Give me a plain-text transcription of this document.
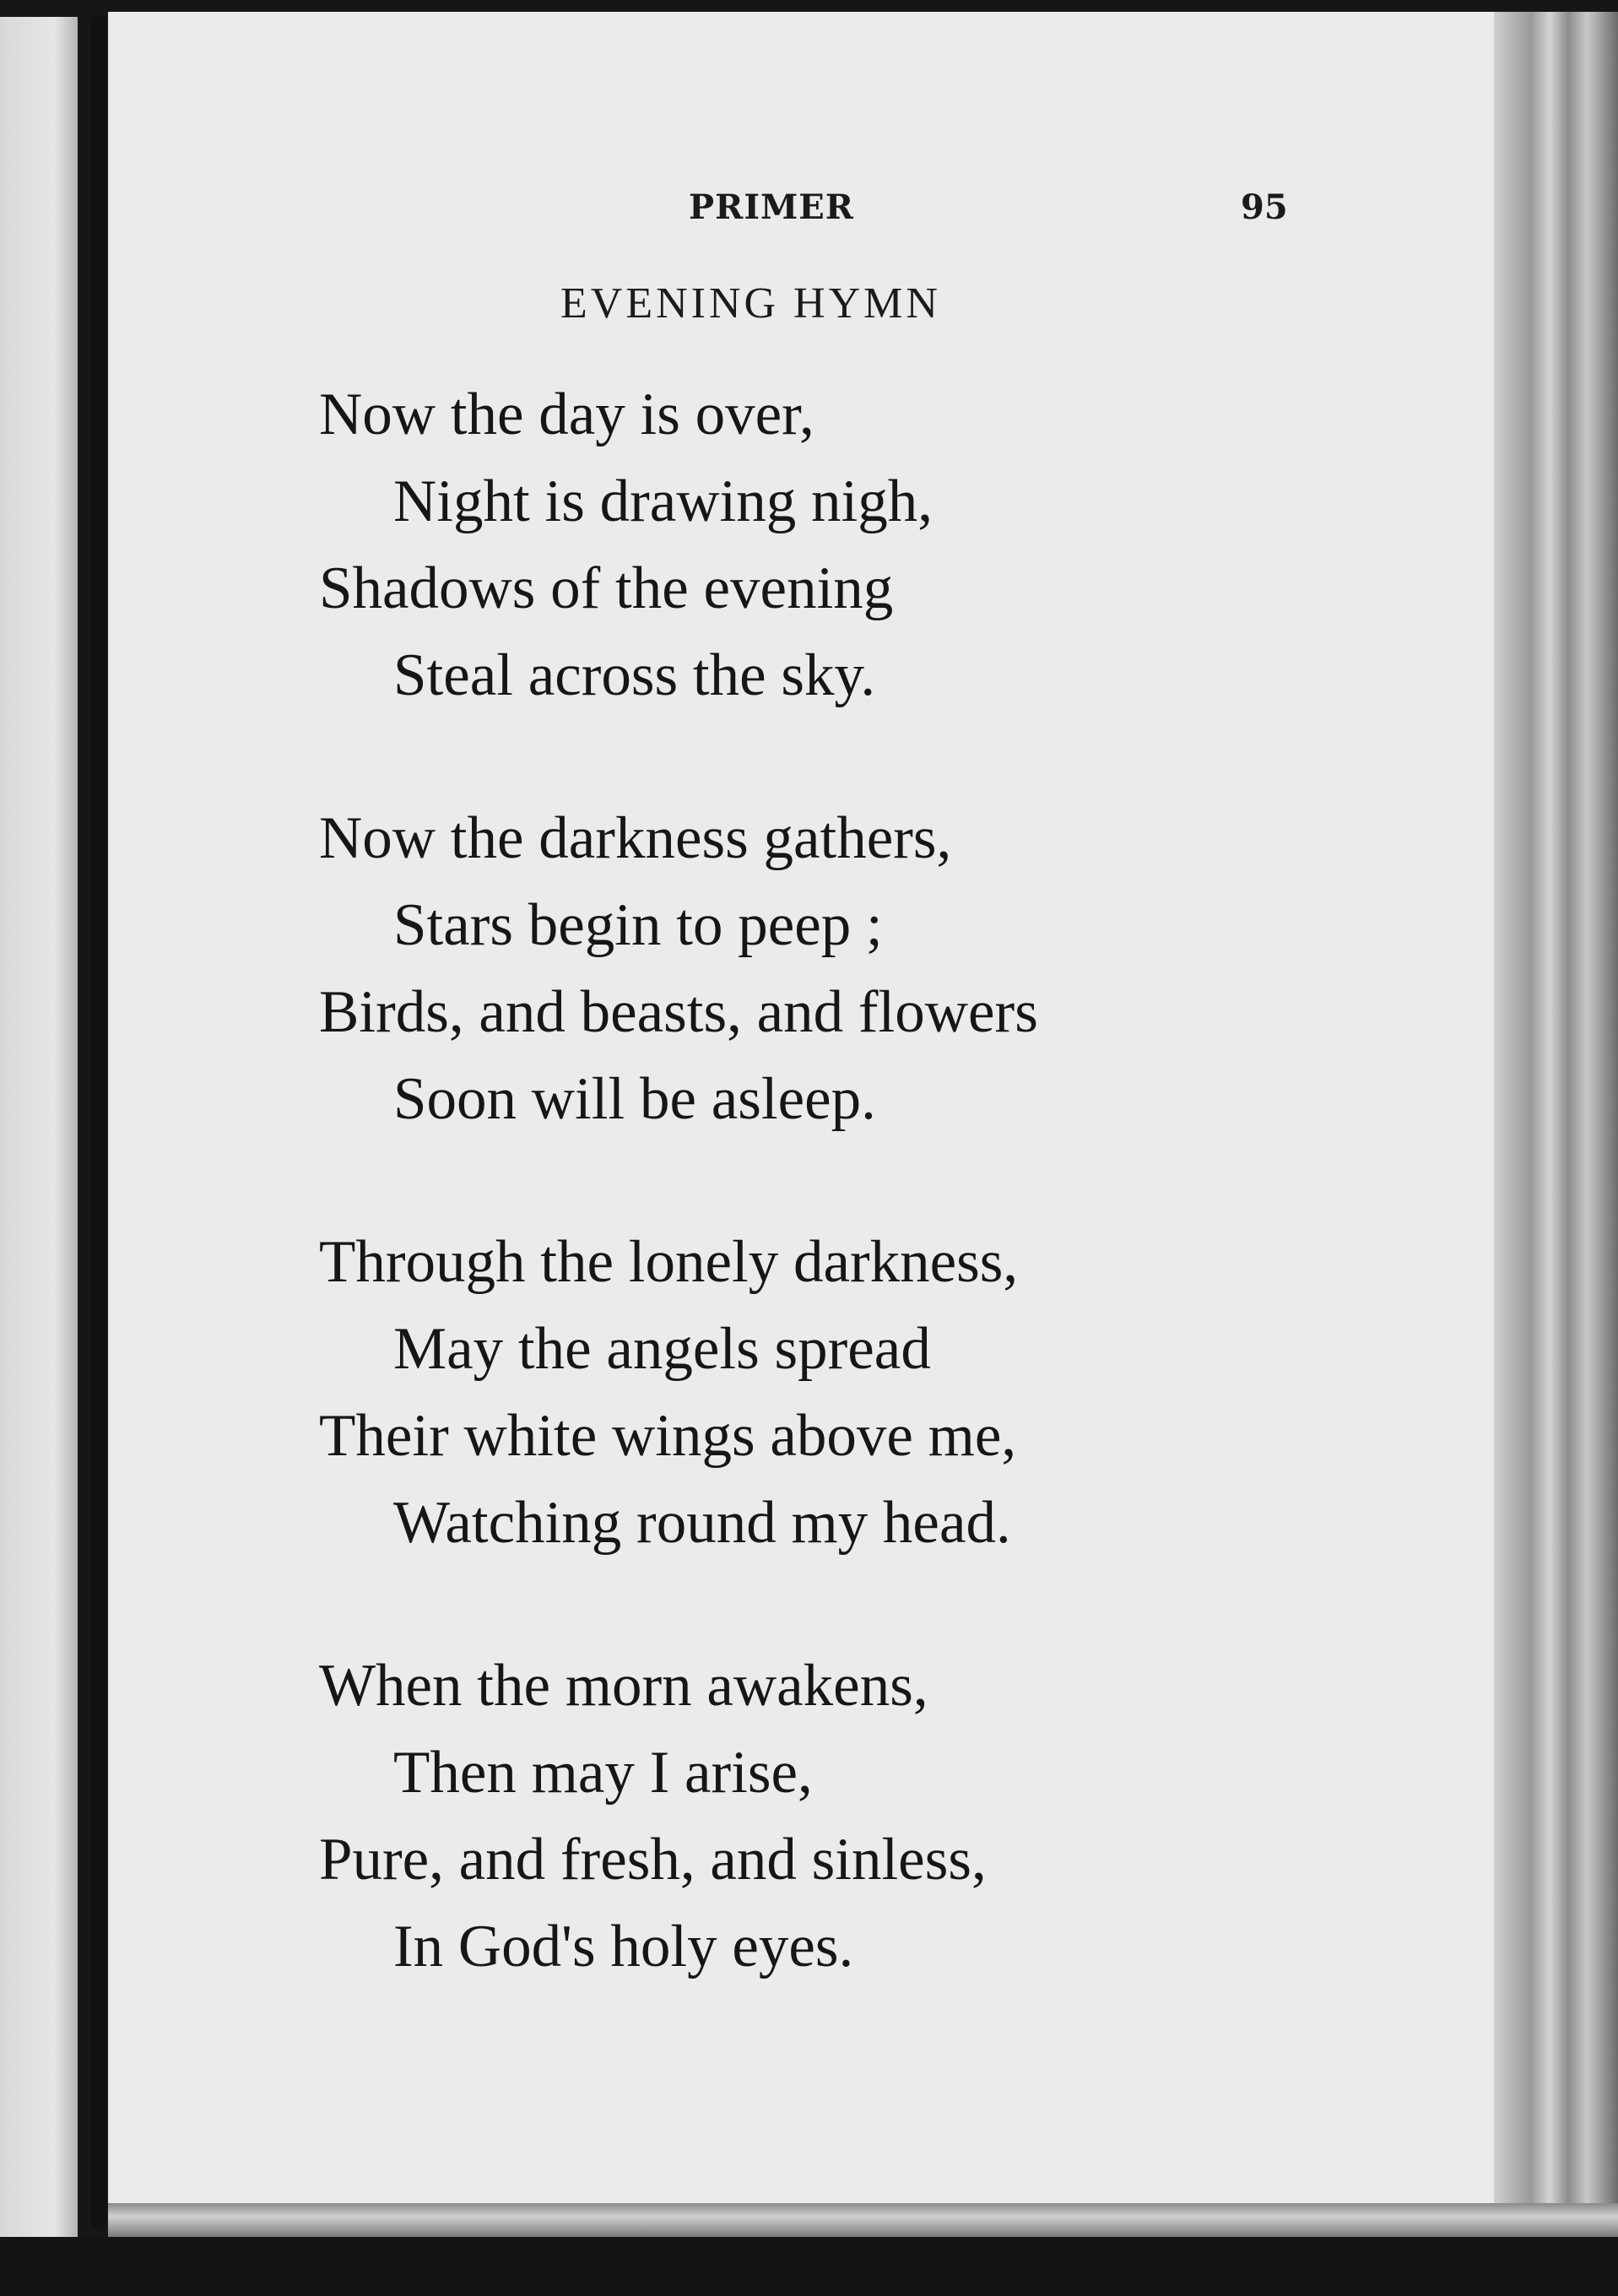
PRIMER	95
EVENING HYMN
Now the day is over,
Night is drawing nigh,
Shadows of the evening
Steal across the sky.
Now the darkness gathers,
Stars begin to peep ;
Birds, and beasts, and flowers
Soon will be asleep.
Through the lonely darkness,
May the angels spread
Their white wings above me,
Watching round my head.
When the morn awakens,
Then may I arise,
Pure, and fresh, and sinless,
In God's holy eyes.
